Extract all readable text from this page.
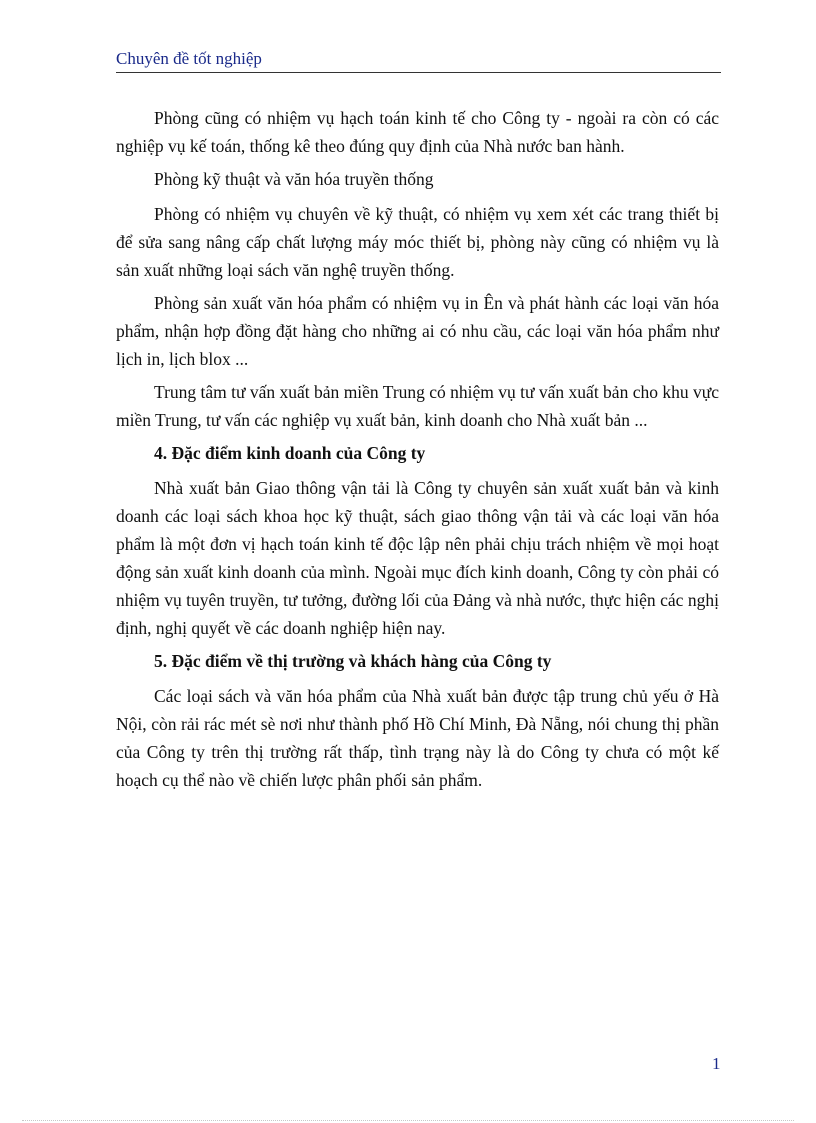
Chuyên đề tốt nghiệp

Phòng cũng có nhiệm vụ hạch toán kinh tế cho Công ty - ngoài ra còn có các nghiệp vụ kế toán, thống kê theo đúng quy định của Nhà nước ban hành.

Phòng kỹ thuật và văn hóa truyền thống

Phòng có nhiệm vụ chuyên về kỹ thuật, có nhiệm vụ xem xét các trang thiết bị để sửa sang nâng cấp chất lượng máy móc thiết bị, phòng này cũng có nhiệm vụ là sản xuất những loại sách văn nghệ truyền thống.

Phòng sản xuất văn hóa phẩm có nhiệm vụ in Ên và phát hành các loại văn hóa phẩm, nhận hợp đồng đặt hàng cho những ai có nhu cầu, các loại văn hóa phẩm như lịch in, lịch blox ...

Trung tâm tư vấn xuất bản miền Trung có nhiệm vụ tư vấn xuất bản cho khu vực miền Trung, tư vấn các nghiệp vụ xuất bản, kinh doanh cho Nhà xuất bản ...

4. Đặc điểm kinh doanh của Công ty

Nhà xuất bản Giao thông vận tải là Công ty chuyên sản xuất xuất bản và kinh doanh các loại sách khoa học kỹ thuật, sách giao thông vận tải và các loại văn hóa phẩm là một đơn vị hạch toán kinh tế độc lập nên phải chịu trách nhiệm về mọi hoạt động sản xuất kinh doanh của mình. Ngoài mục đích kinh doanh, Công ty còn phải có nhiệm vụ tuyên truyền, tư tưởng, đường lối của Đảng và nhà nước, thực hiện các nghị định, nghị quyết về các doanh nghiệp hiện nay.

5. Đặc điểm về thị trường và khách hàng của Công ty

Các loại sách và văn hóa phẩm của Nhà xuất bản được tập trung chủ yếu ở Hà Nội, còn rải rác mét sè nơi như thành phố Hồ Chí Minh, Đà Nẵng, nói chung thị phần của Công ty trên thị trường rất thấp, tình trạng này là do Công ty chưa có một kế hoạch cụ thể nào về chiến lược phân phối sản phẩm.

1
